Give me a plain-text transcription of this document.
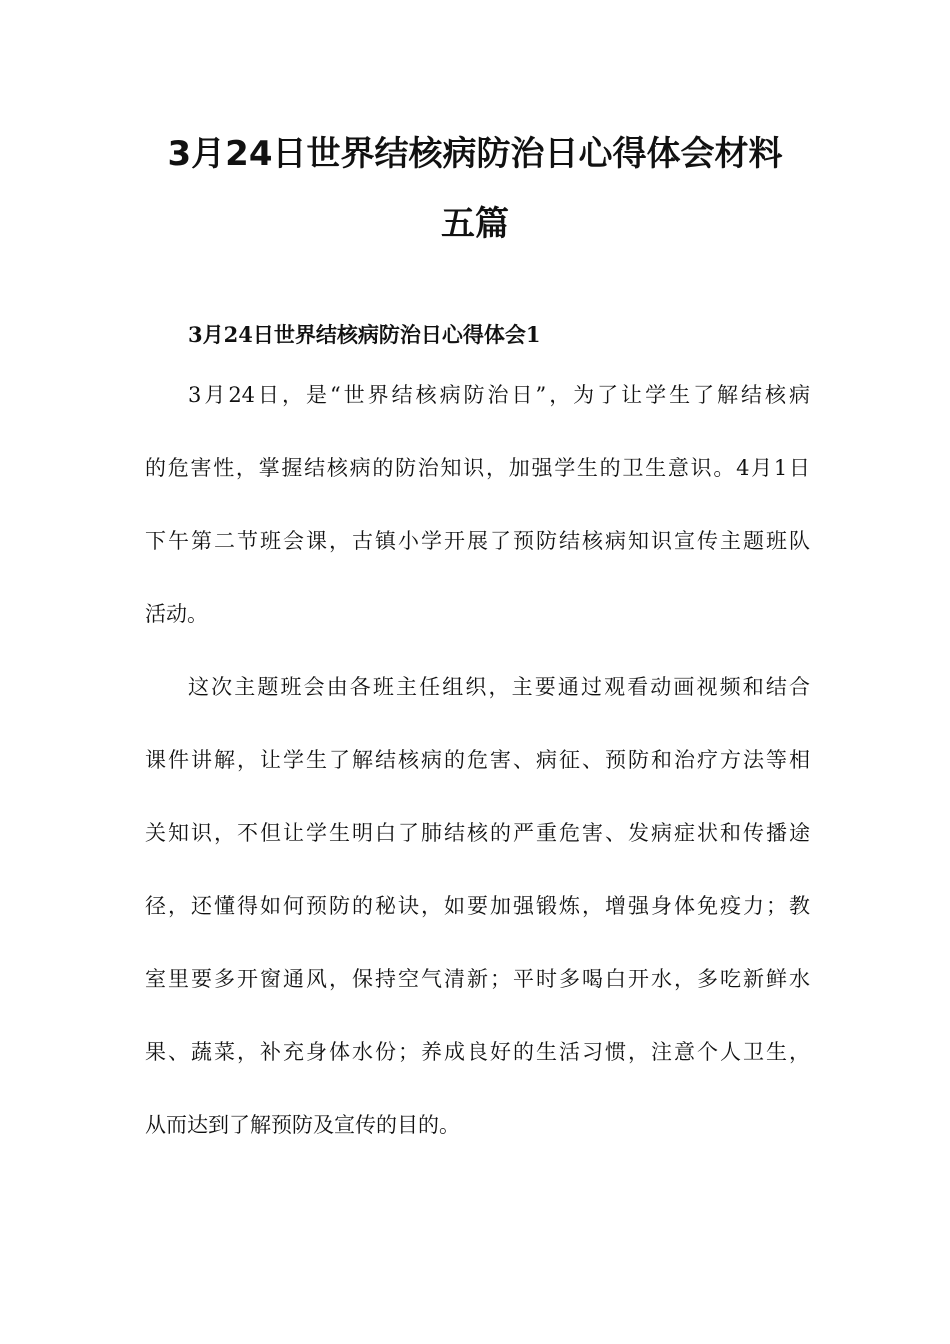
3月24日世界结核病防治日心得体会材料
五篇
3月24日世界结核病防治日心得体会1
3月24日，是“世界结核病防治日”，为了让学生了解结核病
的危害性，掌握结核病的防治知识，加强学生的卫生意识。4月1日
下午第二节班会课，古镇小学开展了预防结核病知识宣传主题班队
活动。
这次主题班会由各班主任组织，主要通过观看动画视频和结合
课件讲解，让学生了解结核病的危害、病征、预防和治疗方法等相
关知识，不但让学生明白了肺结核的严重危害、发病症状和传播途
径，还懂得如何预防的秘诀，如要加强锻炼，增强身体免疫力；教
室里要多开窗通风，保持空气清新；平时多喝白开水，多吃新鲜水
果、蔬菜，补充身体水份；养成良好的生活习惯，注意个人卫生，
从而达到了解预防及宣传的目的。
